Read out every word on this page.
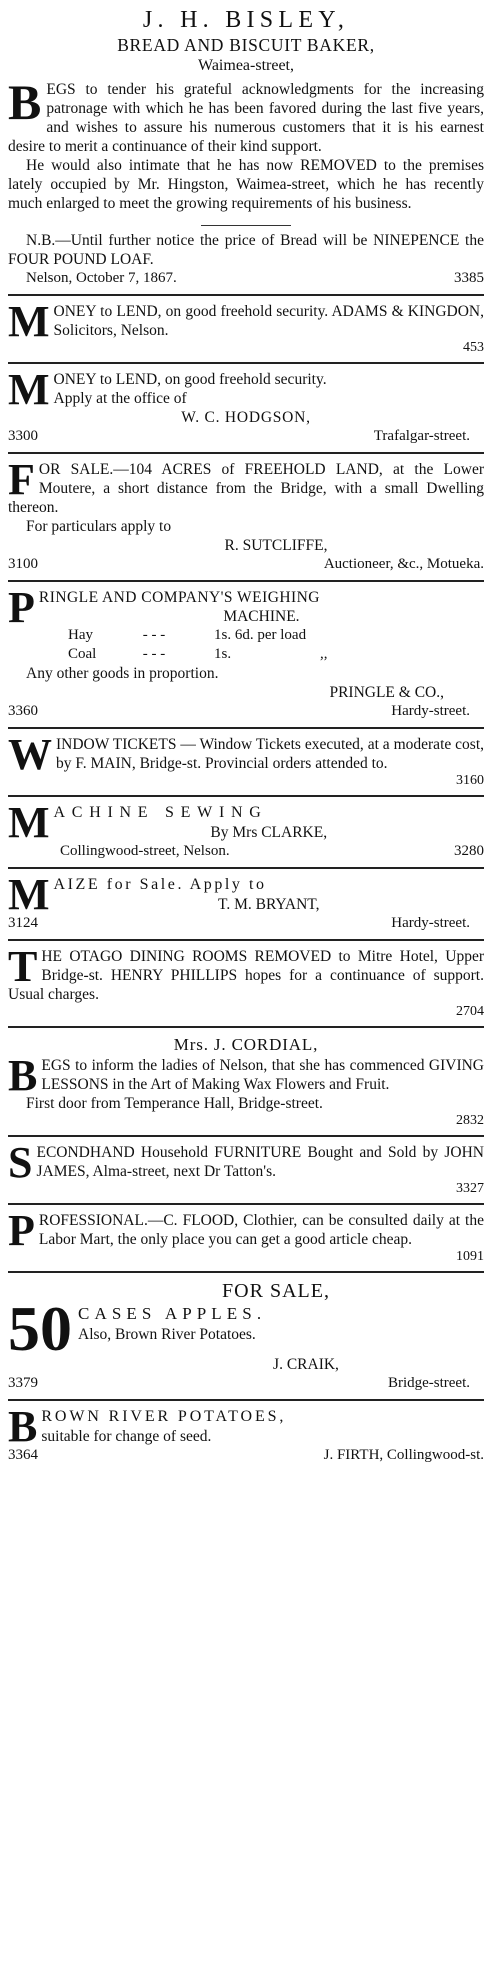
J. H. BISLEY,
BREAD AND BISCUIT BAKER,
Waimea-street,
B EGS to tender his grateful acknowledgments for the increasing patronage with which he has been favored during the last five years, and wishes to assure his numerous customers that it is his earnest desire to merit a continuance of their kind support.

He would also intimate that he has now REMOVED to the premises lately occupied by Mr. Hingston, Waimea-street, which he has recently much enlarged to meet the growing requirements of his business.

N.B.—Until further notice the price of Bread will be NINEPENCE the FOUR POUND LOAF.

Nelson, October 7, 1867.	3385
M ONEY to LEND, on good freehold security. ADAMS & KINGDON, Solicitors, Nelson.

453
M ONEY to LEND, on good freehold security.

Apply at the office of

W. C. HODGSON,
3300	Trafalgar-street.
F OR SALE.—104 ACRES of FREEHOLD LAND, at the Lower Moutere, a short distance from the Bridge, with a small Dwelling thereon.

For particulars apply to

R. SUTCLIFFE,
3100	Auctioneer, &c., Motueka.
P RINGLE AND COMPANY'S WEIGHING
MACHINE.
Hay	- - -	1s. 6d. per load
Coal	- - -	1s.	,,

Any other goods in proportion.

PRINGLE & CO.,
3360	Hardy-street.
W INDOW TICKETS — Window Tickets executed, at a moderate cost, by F. MAIN, Bridge-st. Provincial orders attended to.

3160
M ACHINE SEWING
By Mrs CLARKE,
Collingwood-street, Nelson.	3280
M AIZE for Sale. Apply to
T. M. BRYANT,
3124	Hardy-street.
T HE OTAGO DINING ROOMS REMOVED to Mitre Hotel, Upper Bridge-st. HENRY PHILLIPS hopes for a continuance of support. Usual charges.

2704
Mrs. J. CORDIAL,
B EGS to inform the ladies of Nelson, that she has commenced GIVING LESSONS in the Art of Making Wax Flowers and Fruit.

First door from Temperance Hall, Bridge-street.

2832
S ECONDHAND Household FURNITURE Bought and Sold by JOHN JAMES, Alma-street, next Dr Tatton's.

3327
P ROFESSIONAL.—C. FLOOD, Clothier, can be consulted daily at the Labor Mart, the only place you can get a good article cheap.

1091
FOR SALE,
50 CASES APPLES.
Also, Brown River Potatoes.
J. CRAIK,
3379	Bridge-street.
B ROWN RIVER POTATOES,
suitable for change of seed.
3364	J. FIRTH, Collingwood-st.
